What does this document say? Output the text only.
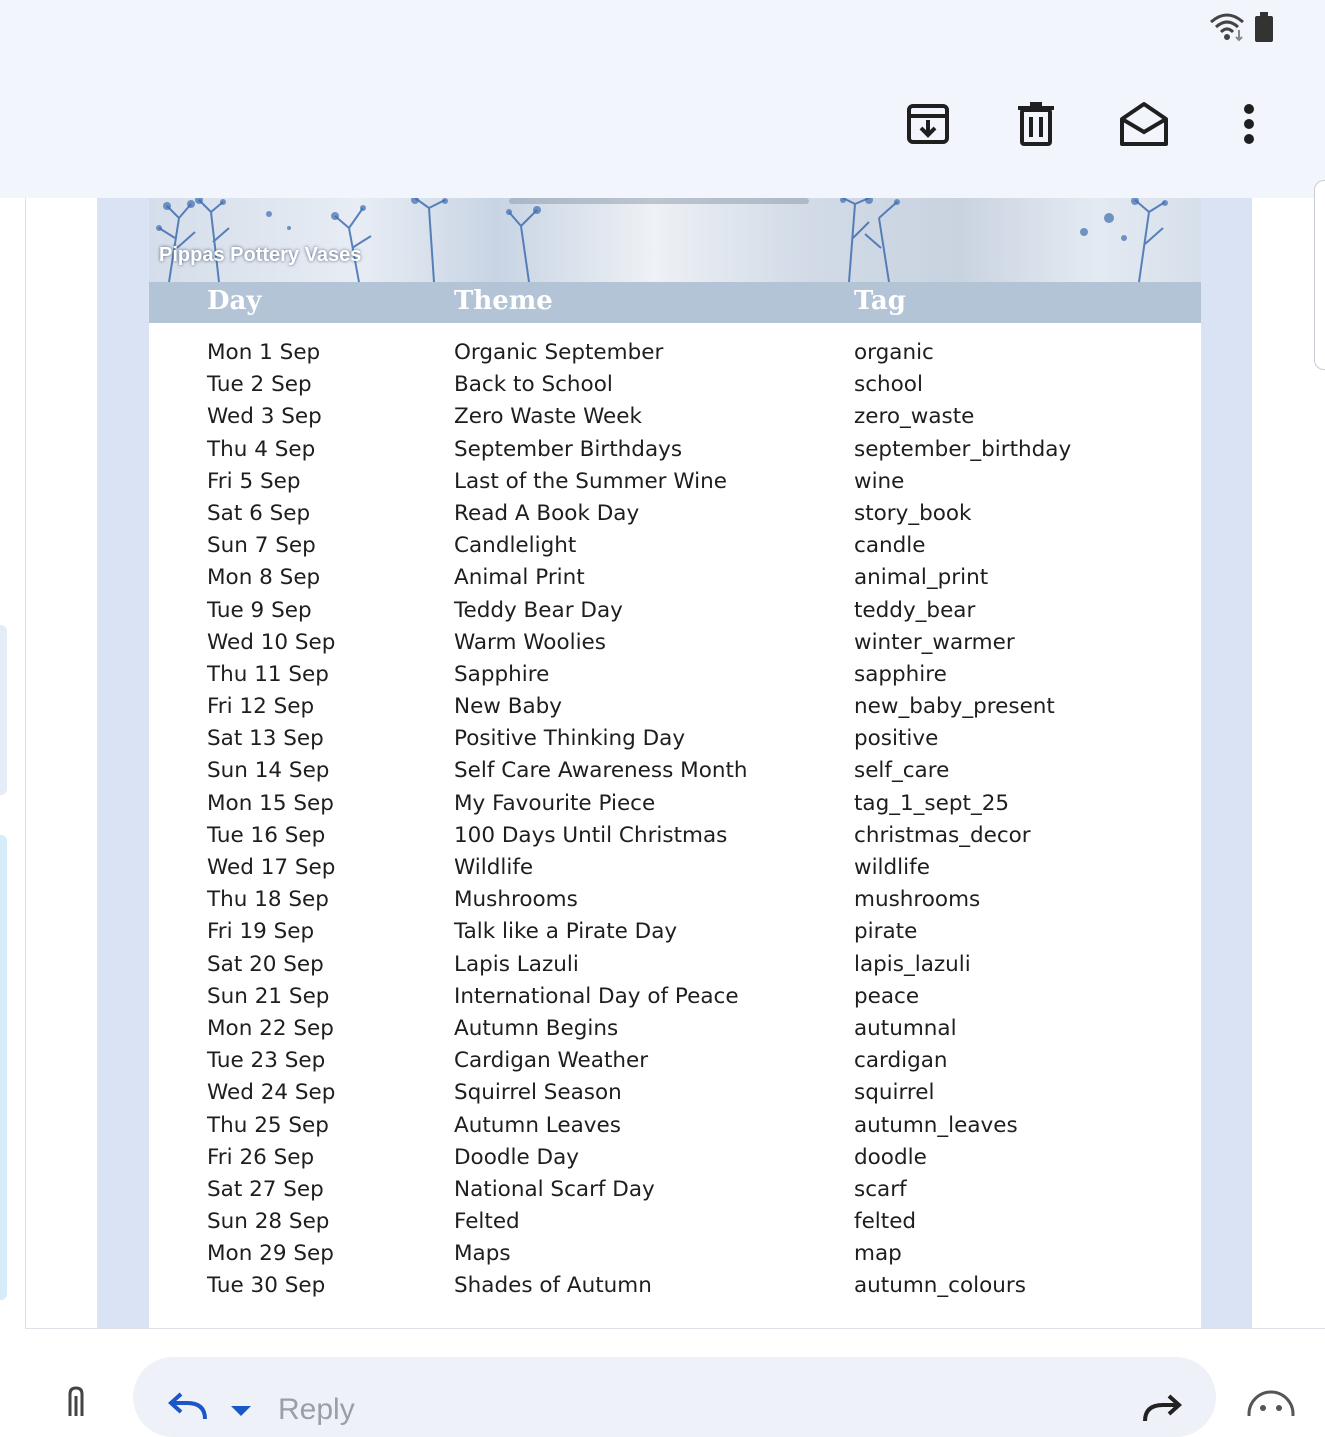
Pippas Pottery Vases
Day	Theme	Tag
Mon 1 Sep	Organic September	organic
Tue 2 Sep	Back to School	school
Wed 3 Sep	Zero Waste Week	zero_waste
Thu 4 Sep	September Birthdays	september_birthday
Fri 5 Sep	Last of the Summer Wine	wine
Sat 6 Sep	Read A Book Day	story_book
Sun 7 Sep	Candlelight	candle
Mon 8 Sep	Animal Print	animal_print
Tue 9 Sep	Teddy Bear Day	teddy_bear
Wed 10 Sep	Warm Woolies	winter_warmer
Thu 11 Sep	Sapphire	sapphire
Fri 12 Sep	New Baby	new_baby_present
Sat 13 Sep	Positive Thinking Day	positive
Sun 14 Sep	Self Care Awareness Month	self_care
Mon 15 Sep	My Favourite Piece	tag_1_sept_25
Tue 16 Sep	100 Days Until Christmas	christmas_decor
Wed 17 Sep	Wildlife	wildlife
Thu 18 Sep	Mushrooms	mushrooms
Fri 19 Sep	Talk like a Pirate Day	pirate
Sat 20 Sep	Lapis Lazuli	lapis_lazuli
Sun 21 Sep	International Day of Peace	peace
Mon 22 Sep	Autumn Begins	autumnal
Tue 23 Sep	Cardigan Weather	cardigan
Wed 24 Sep	Squirrel Season	squirrel
Thu 25 Sep	Autumn Leaves	autumn_leaves
Fri 26 Sep	Doodle Day	doodle
Sat 27 Sep	National Scarf Day	scarf
Sun 28 Sep	Felted	felted
Mon 29 Sep	Maps	map
Tue 30 Sep	Shades of Autumn	autumn_colours
Reply
